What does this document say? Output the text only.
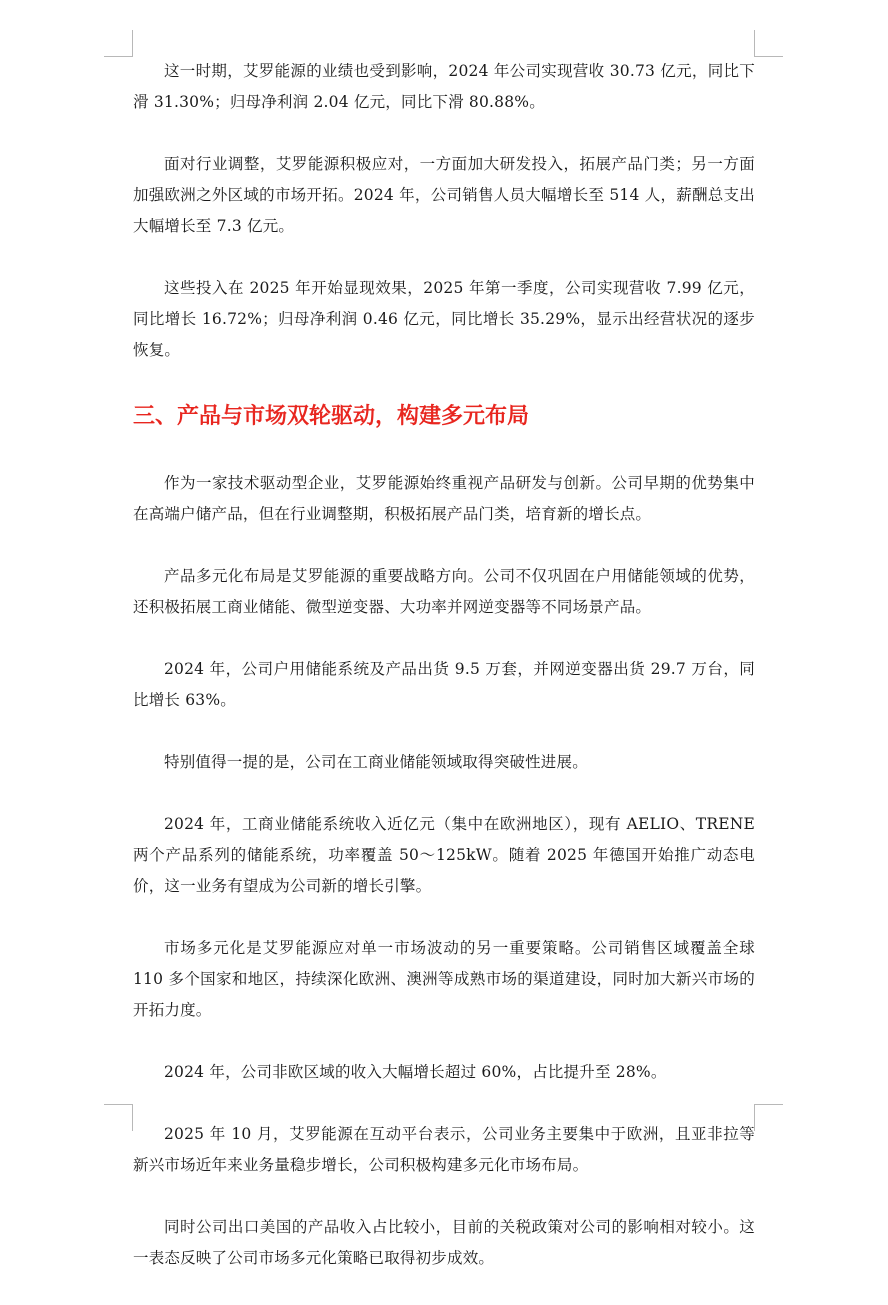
这一时期，艾罗能源的业绩也受到影响，2024 年公司实现营收 30.73 亿元，同比下滑 31.30%；归母净利润 2.04 亿元，同比下滑 80.88%。

面对行业调整，艾罗能源积极应对，一方面加大研发投入，拓展产品门类；另一方面加强欧洲之外区域的市场开拓。2024 年，公司销售人员大幅增长至 514 人，薪酬总支出大幅增长至 7.3 亿元。

这些投入在 2025 年开始显现效果，2025 年第一季度，公司实现营收 7.99 亿元，同比增长 16.72%；归母净利润 0.46 亿元，同比增长 35.29%，显示出经营状况的逐步恢复。

三、产品与市场双轮驱动，构建多元布局

作为一家技术驱动型企业，艾罗能源始终重视产品研发与创新。公司早期的优势集中在高端户储产品，但在行业调整期，积极拓展产品门类，培育新的增长点。

产品多元化布局是艾罗能源的重要战略方向。公司不仅巩固在户用储能领域的优势，还积极拓展工商业储能、微型逆变器、大功率并网逆变器等不同场景产品。

2024 年，公司户用储能系统及产品出货 9.5 万套，并网逆变器出货 29.7 万台，同比增长 63%。

特别值得一提的是，公司在工商业储能领域取得突破性进展。

2024 年，工商业储能系统收入近亿元（集中在欧洲地区），现有 AELIO、TRENE 两个产品系列的储能系统，功率覆盖 50～125kW。随着 2025 年德国开始推广动态电价，这一业务有望成为公司新的增长引擎。

市场多元化是艾罗能源应对单一市场波动的另一重要策略。公司销售区域覆盖全球 110 多个国家和地区，持续深化欧洲、澳洲等成熟市场的渠道建设，同时加大新兴市场的开拓力度。

2024 年，公司非欧区域的收入大幅增长超过 60%，占比提升至 28%。

2025 年 10 月，艾罗能源在互动平台表示，公司业务主要集中于欧洲，且亚非拉等新兴市场近年来业务量稳步增长，公司积极构建多元化市场布局。

同时公司出口美国的产品收入占比较小，目前的关税政策对公司的影响相对较小。这一表态反映了公司市场多元化策略已取得初步成效。
